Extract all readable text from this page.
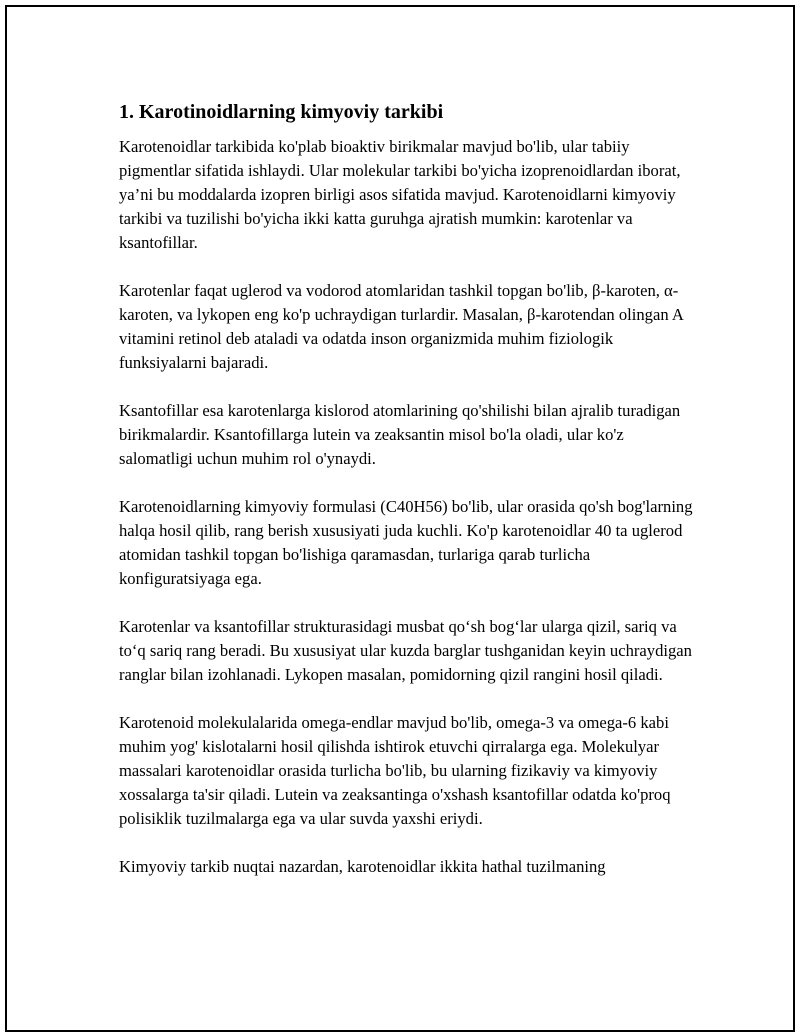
1. Karotinoidlarning kimyoviy tarkibi

Karotenoidlar tarkibida ko'plab bioaktiv birikmalar mavjud bo'lib, ular tabiiy pigmentlar sifatida ishlaydi. Ular molekular tarkibi bo'yicha izoprenoidlardan iborat, ya’ni bu moddalarda izopren birligi asos sifatida mavjud. Karotenoidlarni kimyoviy tarkibi va tuzilishi bo'yicha ikki katta guruhga ajratish mumkin: karotenlar va ksantofillar.

Karotenlar faqat uglerod va vodorod atomlaridan tashkil topgan bo'lib, β-karoten, α-karoten, va lykopen eng ko'p uchraydigan turlardir. Masalan, β-karotendan olingan A vitamini retinol deb ataladi va odatda inson organizmida muhim fiziologik funksiyalarni bajaradi.

Ksantofillar esa karotenlarga kislorod atomlarining qo'shilishi bilan ajralib turadigan birikmalardir. Ksantofillarga lutein va zeaksantin misol bo'la oladi, ular ko'z salomatligi uchun muhim rol o'ynaydi.

Karotenoidlarning kimyoviy formulasi (C40H56) bo'lib, ular orasida qo'sh bog'larning halqa hosil qilib, rang berish xususiyati juda kuchli. Ko'p karotenoidlar 40 ta uglerod atomidan tashkil topgan bo'lishiga qaramasdan, turlariga qarab turlicha konfiguratsiyaga ega.

Karotenlar va ksantofillar strukturasidagi musbat qo‘sh bog‘lar ularga qizil, sariq va to‘q sariq rang beradi. Bu xususiyat ular kuzda barglar tushganidan keyin uchraydigan ranglar bilan izohlanadi. Lykopen masalan, pomidorning qizil rangini hosil qiladi.

Karotenoid molekulalarida omega-endlar mavjud bo'lib, omega-3 va omega-6 kabi muhim yog' kislotalarni hosil qilishda ishtirok etuvchi qirralarga ega. Molekulyar massalari karotenoidlar orasida turlicha bo'lib, bu ularning fizikaviy va kimyoviy xossalarga ta'sir qiladi. Lutein va zeaksantinga o'xshash ksantofillar odatda ko'proq polisiklik tuzilmalarga ega va ular suvda yaxshi eriydi.

Kimyoviy tarkib nuqtai nazardan, karotenoidlar ikkita hathal tuzilmaning
